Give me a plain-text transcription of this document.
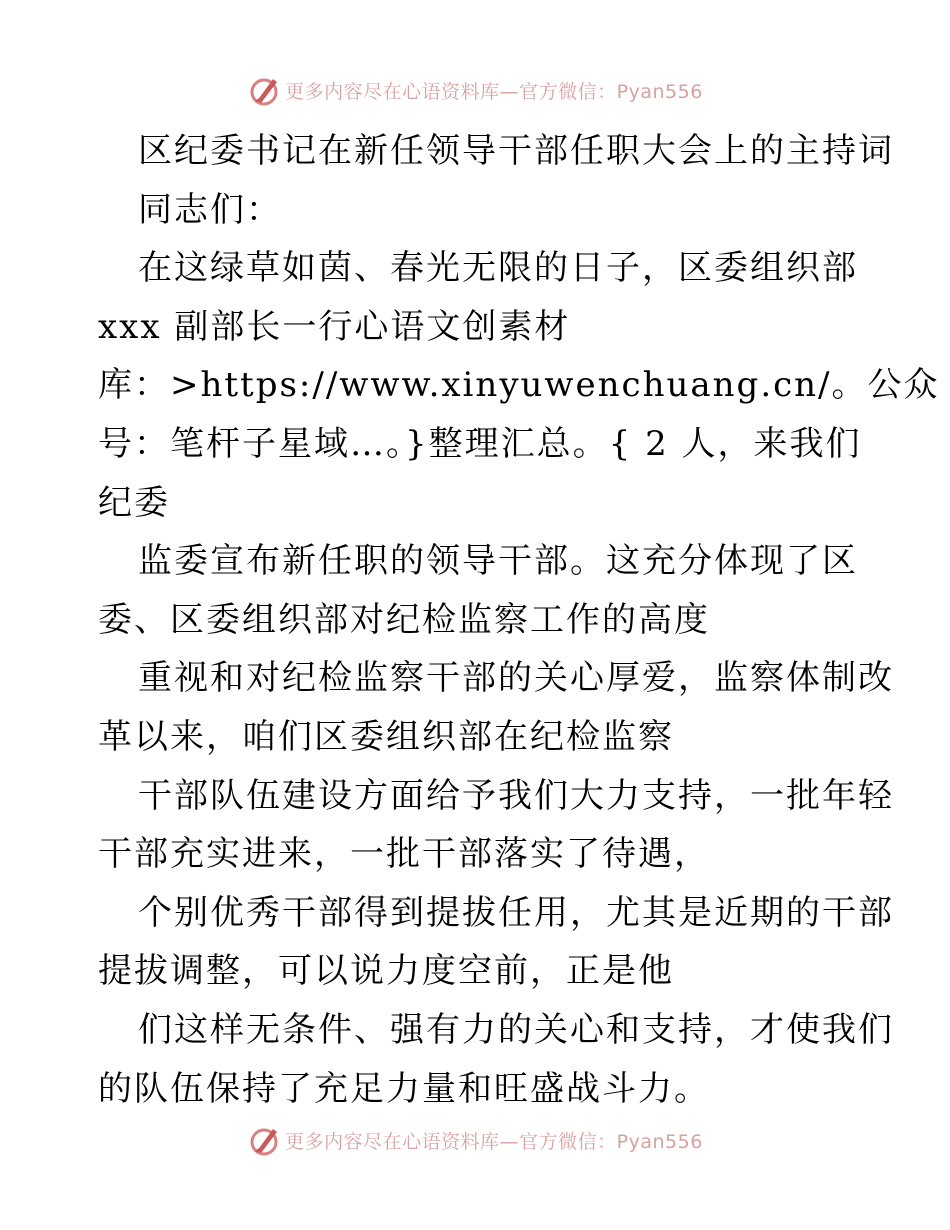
更多内容尽在心语资料库—官方微信：Pyan556
区纪委书记在新任领导干部任职大会上的主持词
同志们：
在这绿草如茵、春光无限的日子，区委组织部
xxx 副部长一行心语文创素材
库：>https://www.xinyuwenchuang.cn/。公众
号：笔杆子星域…。}整理汇总。{ 2 人，来我们
纪委
监委宣布新任职的领导干部。这充分体现了区
委、区委组织部对纪检监察工作的高度
重视和对纪检监察干部的关心厚爱，监察体制改
革以来，咱们区委组织部在纪检监察
干部队伍建设方面给予我们大力支持，一批年轻
干部充实进来，一批干部落实了待遇，
个别优秀干部得到提拔任用，尤其是近期的干部
提拔调整，可以说力度空前，正是他
们这样无条件、强有力的关心和支持，才使我们
的队伍保持了充足力量和旺盛战斗力。
更多内容尽在心语资料库—官方微信：Pyan556
